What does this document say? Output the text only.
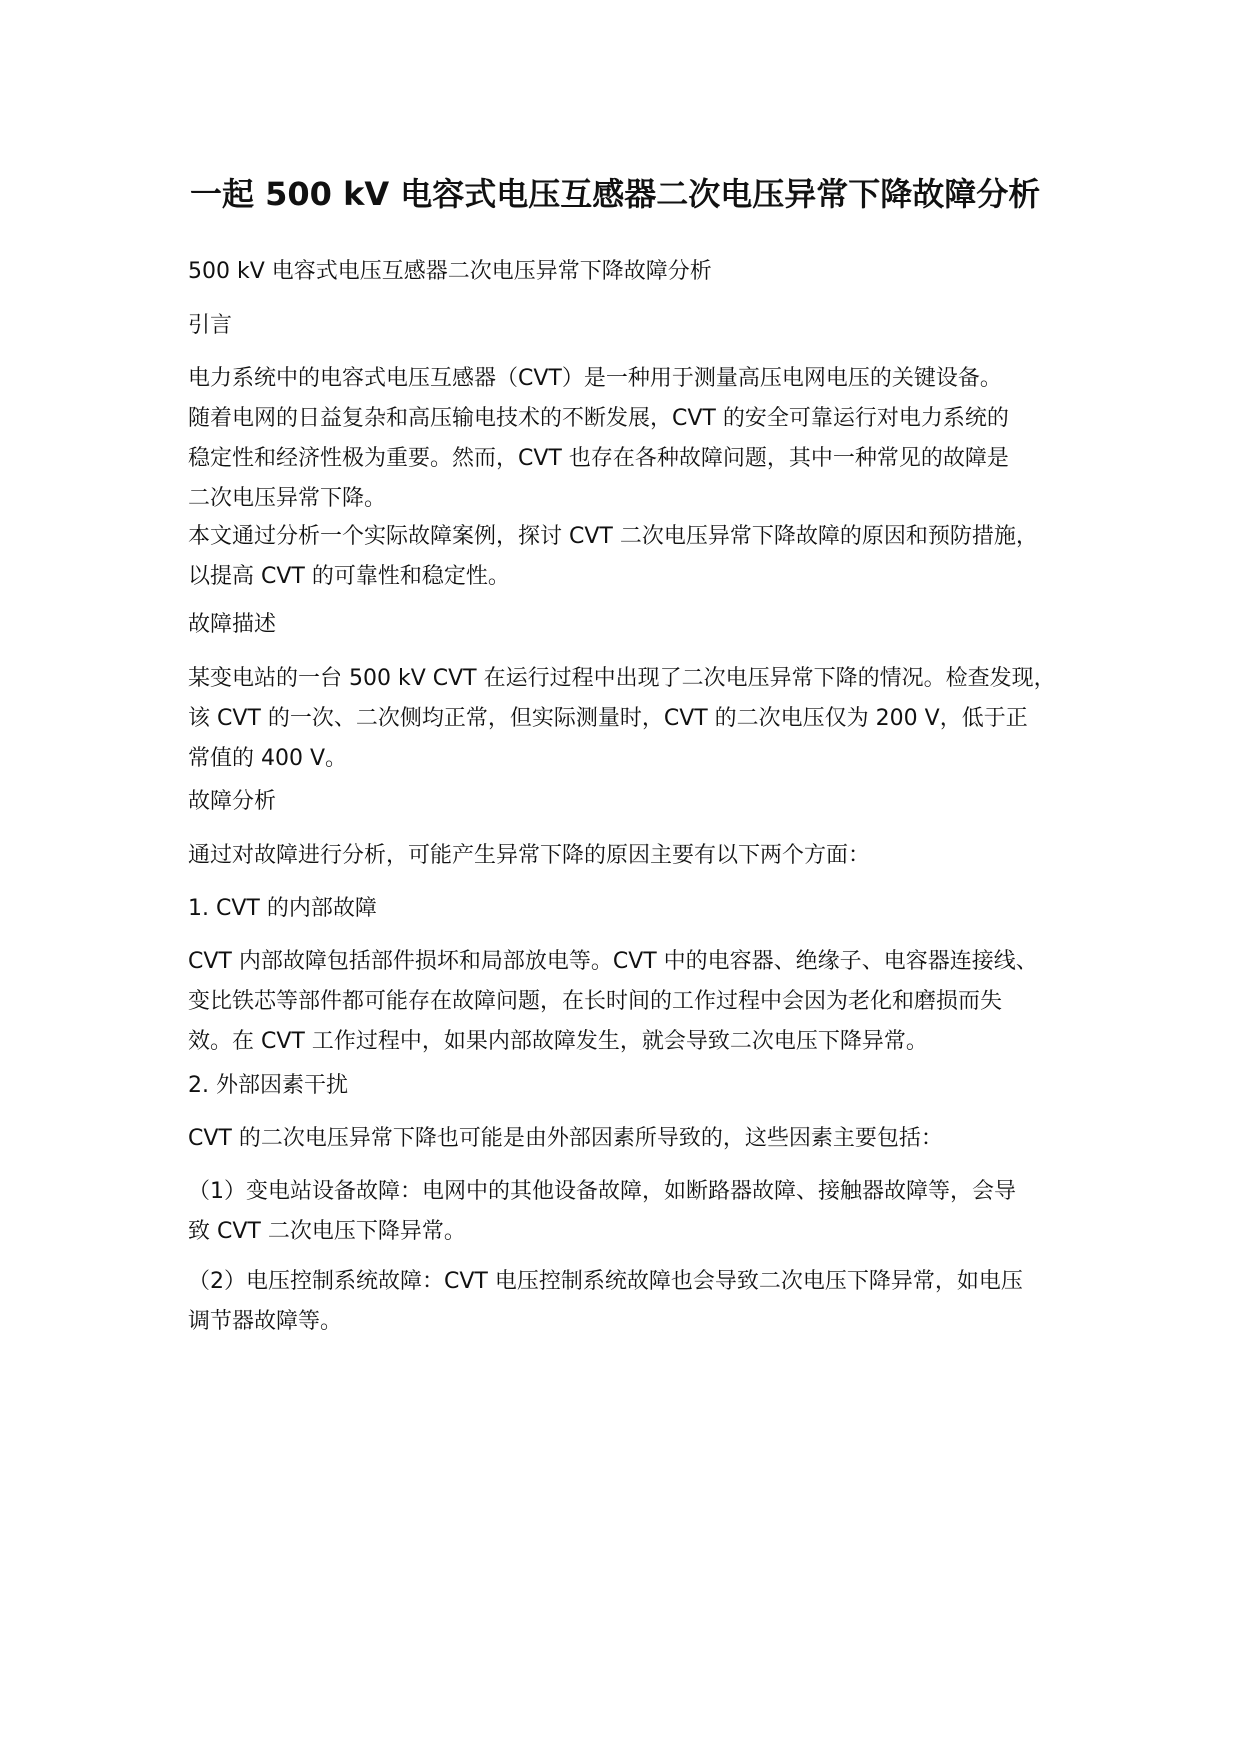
一起 500 kV 电容式电压互感器二次电压异常下降故障分析

500 kV 电容式电压互感器二次电压异常下降故障分析

引言

电力系统中的电容式电压互感器（CVT）是一种用于测量高压电网电压的关键设备。
随着电网的日益复杂和高压输电技术的不断发展，CVT 的安全可靠运行对电力系统的
稳定性和经济性极为重要。然而，CVT 也存在各种故障问题，其中一种常见的故障是
二次电压异常下降。

本文通过分析一个实际故障案例，探讨 CVT 二次电压异常下降故障的原因和预防措施，
以提高 CVT 的可靠性和稳定性。

故障描述

某变电站的一台 500 kV CVT 在运行过程中出现了二次电压异常下降的情况。检查发现，
该 CVT 的一次、二次侧均正常，但实际测量时，CVT 的二次电压仅为 200 V，低于正
常值的 400 V。

故障分析

通过对故障进行分析，可能产生异常下降的原因主要有以下两个方面：

1. CVT 的内部故障

CVT 内部故障包括部件损坏和局部放电等。CVT 中的电容器、绝缘子、电容器连接线、
变比铁芯等部件都可能存在故障问题，在长时间的工作过程中会因为老化和磨损而失
效。在 CVT 工作过程中，如果内部故障发生，就会导致二次电压下降异常。

2. 外部因素干扰

CVT 的二次电压异常下降也可能是由外部因素所导致的，这些因素主要包括：

（1）变电站设备故障：电网中的其他设备故障，如断路器故障、接触器故障等，会导
致 CVT 二次电压下降异常。

（2）电压控制系统故障：CVT 电压控制系统故障也会导致二次电压下降异常，如电压
调节器故障等。
